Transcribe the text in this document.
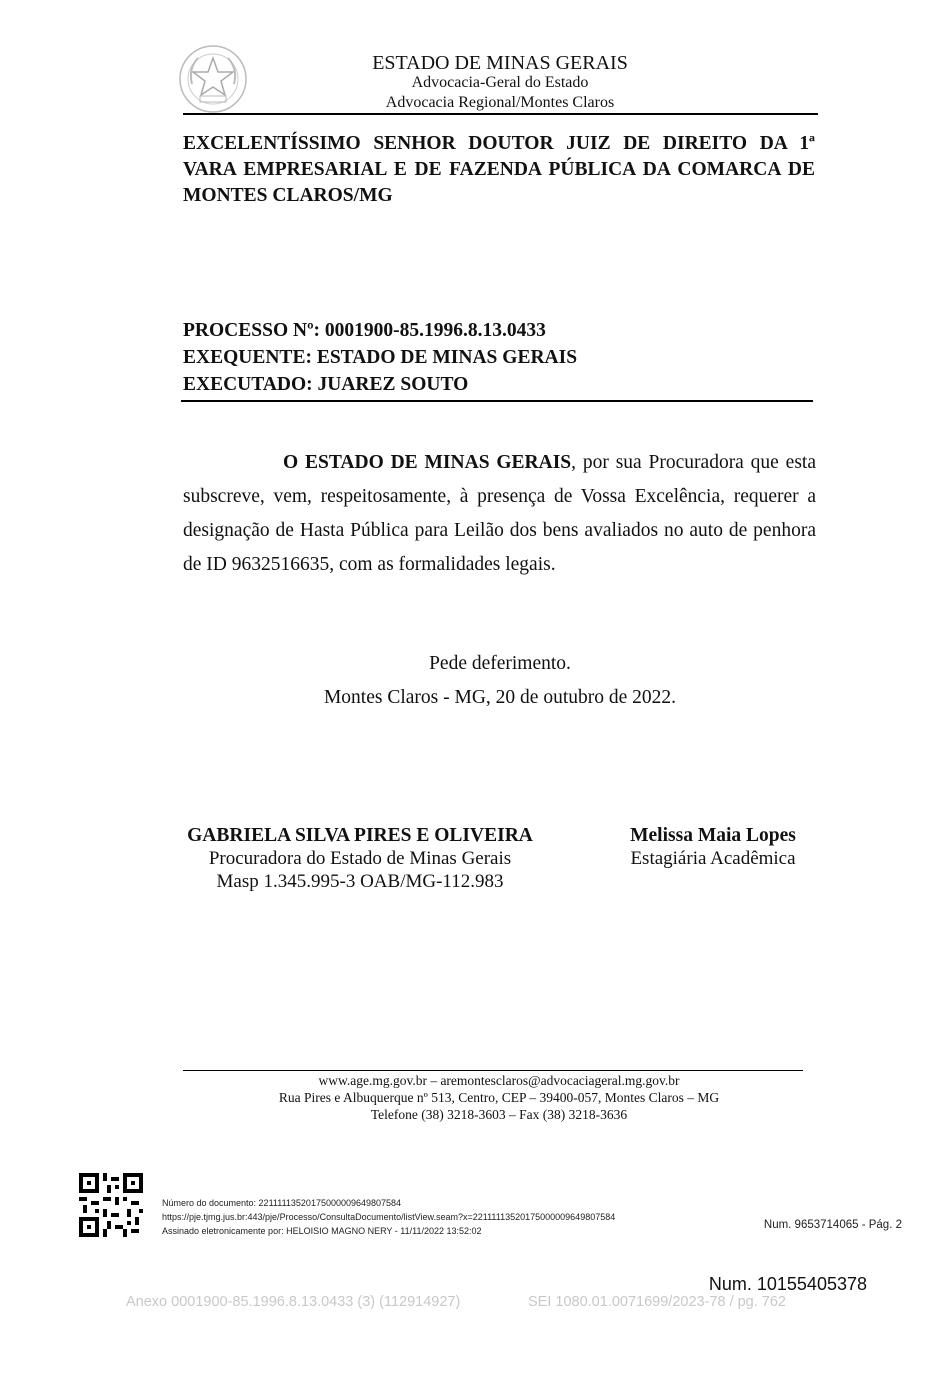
ESTADO DE MINAS GERAIS
Advocacia-Geral do Estado
Advocacia Regional/Montes Claros
EXCELENTÍSSIMO SENHOR DOUTOR JUIZ DE DIREITO DA 1ª VARA EMPRESARIAL E DE FAZENDA PÚBLICA DA COMARCA DE MONTES CLAROS/MG
PROCESSO Nº: 0001900-85.1996.8.13.0433
EXEQUENTE: ESTADO DE MINAS GERAIS
EXECUTADO: JUAREZ SOUTO
O ESTADO DE MINAS GERAIS, por sua Procuradora que esta subscreve, vem, respeitosamente, à presença de Vossa Excelência, requerer a designação de Hasta Pública para Leilão dos bens avaliados no auto de penhora de ID 9632516635, com as formalidades legais.
Pede deferimento.
Montes Claros - MG, 20 de outubro de 2022.
GABRIELA SILVA PIRES E OLIVEIRA
Procuradora do Estado de Minas Gerais
Masp 1.345.995-3 OAB/MG-112.983
Melissa Maia Lopes
Estagiária Acadêmica
www.age.mg.gov.br – aremontesclaros@advocaciageral.mg.gov.br
Rua Pires e Albuquerque nº 513, Centro, CEP – 39400-057, Montes Claros – MG
Telefone (38) 3218-3603 – Fax (38) 3218-3636
Número do documento: 22111113520175000009649807584
https://pje.tjmg.jus.br:443/pje/Processo/ConsultaDocumento/listView.seam?x=22111113520175000009649807584
Assinado eletronicamente por: HELOISIO MAGNO NERY - 11/11/2022 13:52:02	Num. 9653714065 - Pág. 2
Num. 10155405378
Anexo 0001900-85.1996.8.13.0433 (3) (112914927)	SEI 1080.01.0071699/2023-78 / pg. 762
